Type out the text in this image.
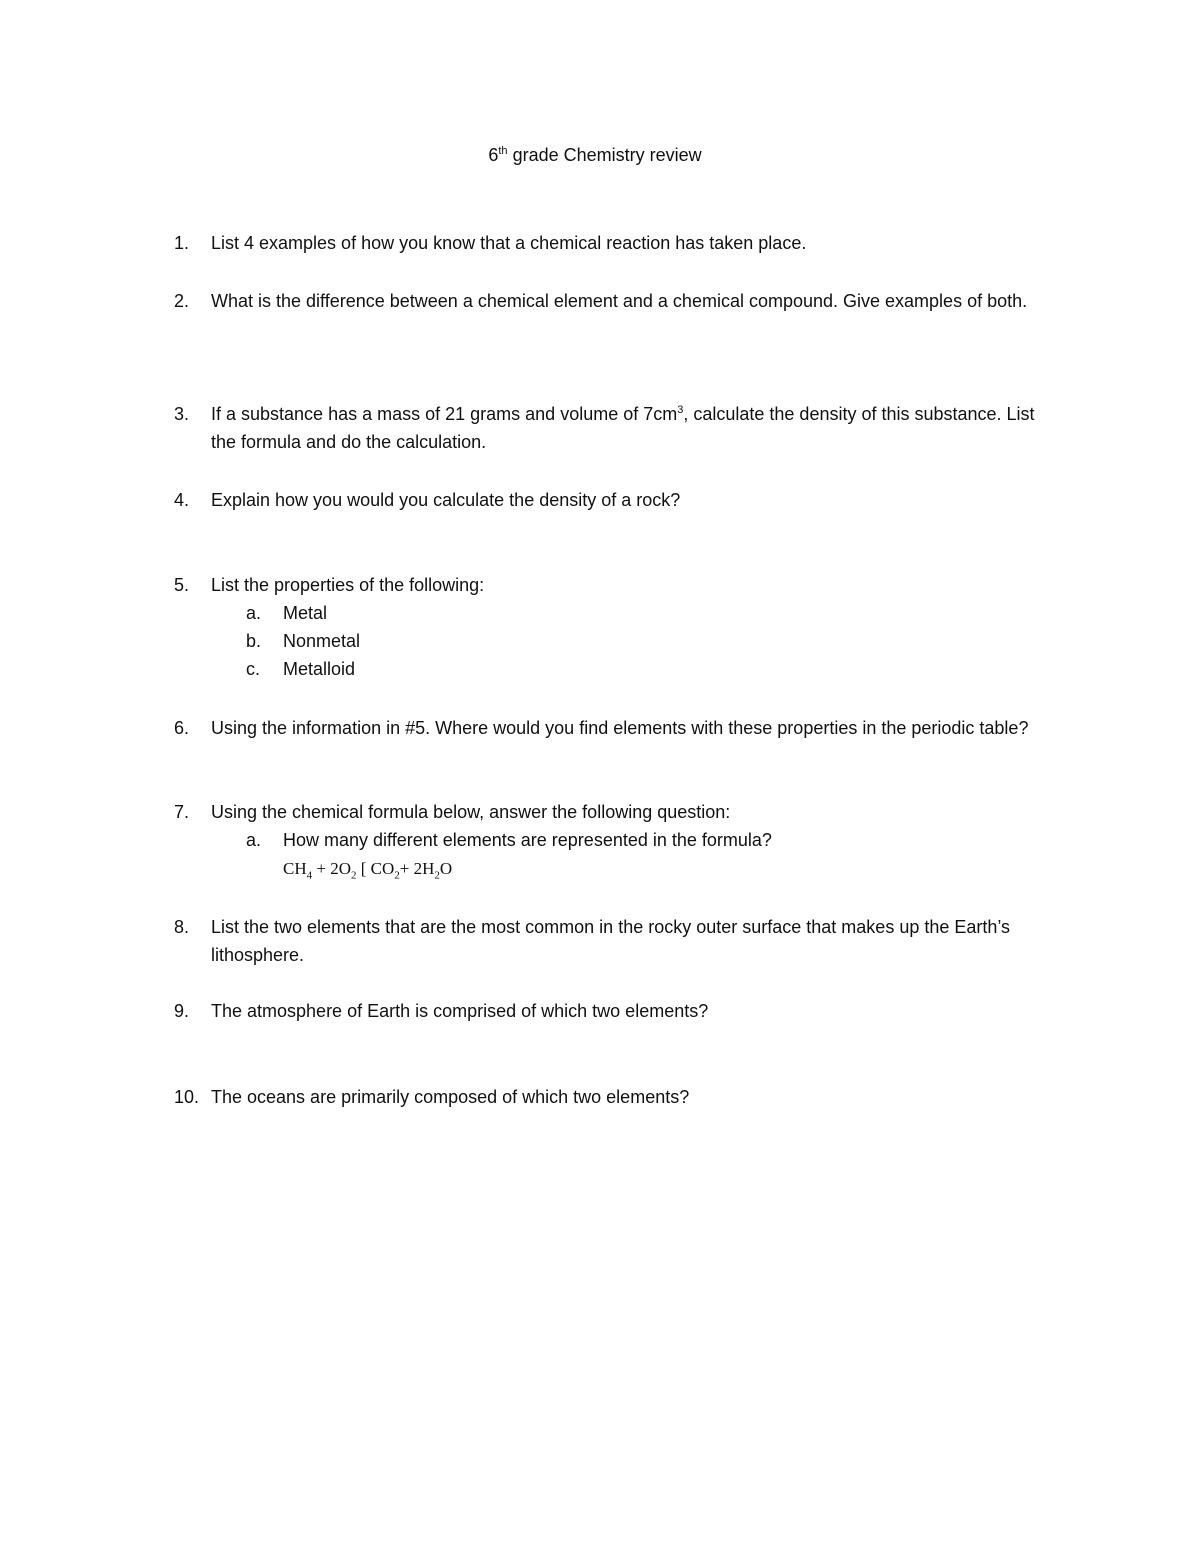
6th grade Chemistry review
1.	List 4 examples of how you know that a chemical reaction has taken place.
2.	What is the difference between a chemical element and a chemical compound. Give examples of both.
3.	If a substance has a mass of 21 grams and volume of $7cm^3$, calculate the density of this substance. List the formula and do the calculation.
4.	Explain how you would you calculate the density of a rock?
5.	List the properties of the following:
a.	Metal
b.	Nonmetal
c.	Metalloid
6.	Using the information in #5. Where would you find elements with these properties in the periodic table?
7.	Using the chemical formula below, answer the following question:
a.	How many different elements are represented in the formula?
$CH_4 + 2O_2$ [ $CO_2+ 2H_2O$
8.	List the two elements that are the most common in the rocky outer surface that makes up the Earth’s lithosphere.
9.	The atmosphere of Earth is comprised of which two elements?
10. The oceans are primarily composed of which two elements?
